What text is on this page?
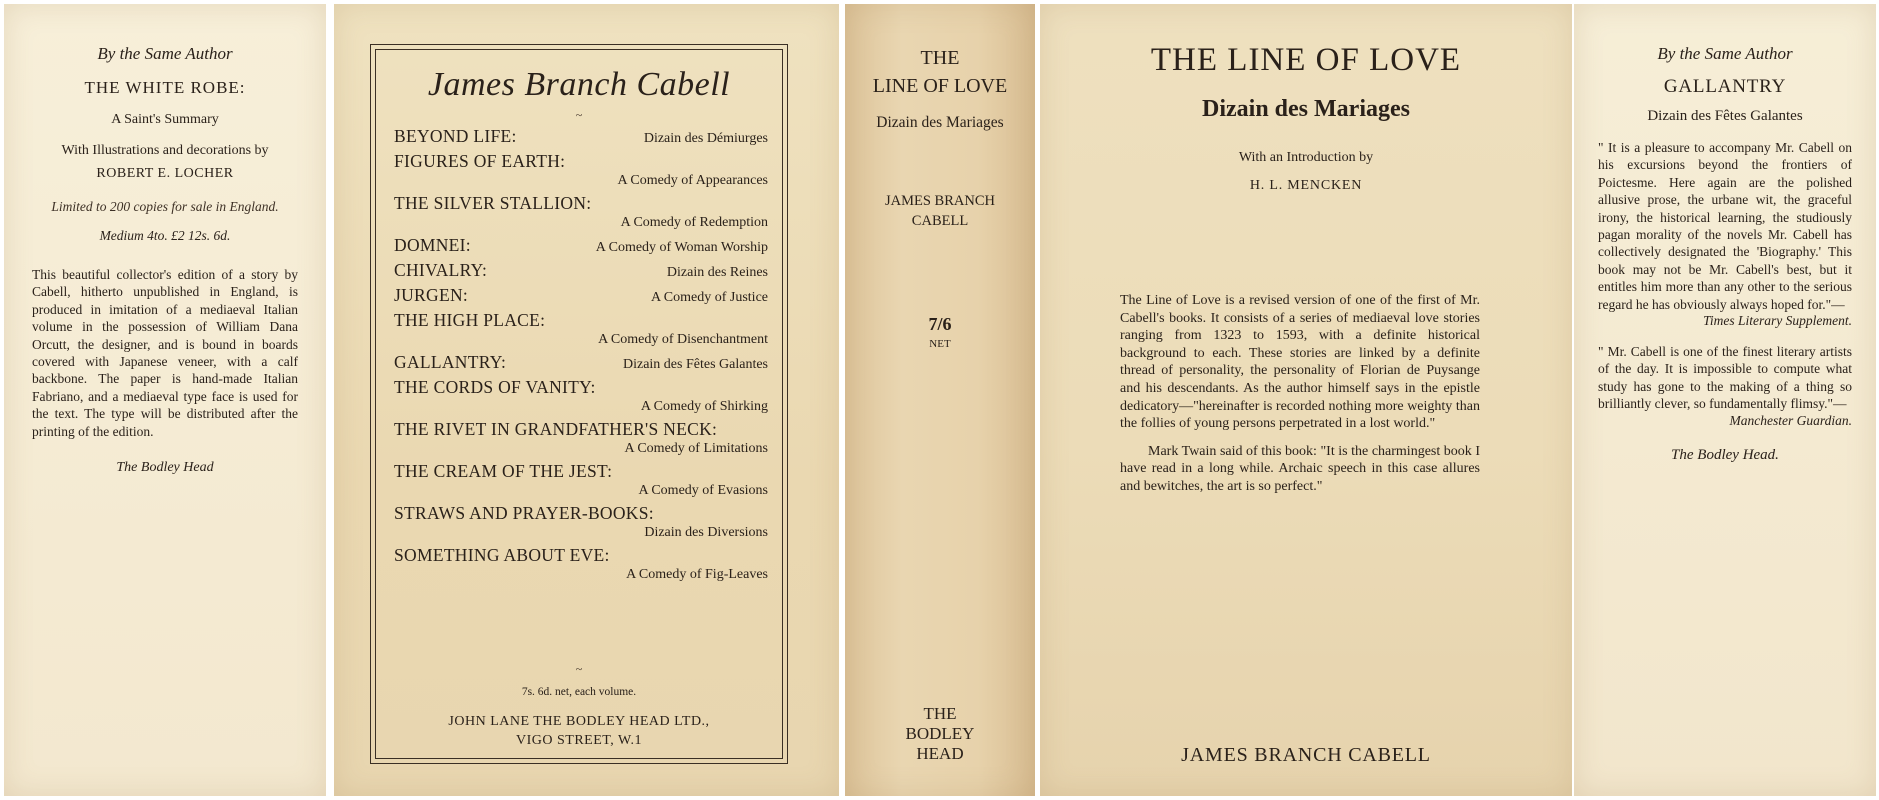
By the Same Author
THE WHITE ROBE:
A Saint's Summary
With Illustrations and decorations by
ROBERT E. LOCHER
Limited to 200 copies for sale in England.
Medium 4to. £2 12s. 6d.
This beautiful collector's edition of a story by Cabell, hitherto unpublished in England, is produced in imitation of a mediaeval Italian volume in the possession of William Dana Orcutt, the designer, and is bound in boards covered with Japanese veneer, with a calf backbone. The paper is hand-made Italian Fabriano, and a mediaeval type face is used for the text. The type will be distributed after the printing of the edition.
The Bodley Head
James Branch Cabell
~
BEYOND LIFE:	Dizain des Démiurges
FIGURES OF EARTH:
A Comedy of Appearances
THE SILVER STALLION:
A Comedy of Redemption
DOMNEI:	A Comedy of Woman Worship
CHIVALRY:	Dizain des Reines
JURGEN:	A Comedy of Justice
THE HIGH PLACE:
A Comedy of Disenchantment
GALLANTRY:	Dizain des Fêtes Galantes
THE CORDS OF VANITY:
A Comedy of Shirking
THE RIVET IN GRANDFATHER'S NECK:
A Comedy of Limitations
THE CREAM OF THE JEST:
A Comedy of Evasions
STRAWS AND PRAYER-BOOKS:
Dizain des Diversions
SOMETHING ABOUT EVE:
A Comedy of Fig-Leaves
~
7s. 6d. net, each volume.
JOHN LANE THE BODLEY HEAD LTD.,
VIGO STREET, W.1
THE
LINE OF LOVE
Dizain des Mariages
JAMES BRANCH
CABELL
7/6
NET
THE
BODLEY
HEAD
THE LINE OF LOVE
Dizain des Mariages
With an Introduction by
H. L. MENCKEN

The Line of Love is a revised version of one of the first of Mr. Cabell's books. It consists of a series of mediaeval love stories ranging from 1323 to 1593, with a definite historical background to each. These stories are linked by a definite thread of personality, the personality of Florian de Puysange and his descendants. As the author himself says in the epistle dedicatory—"hereinafter is recorded nothing more weighty than the follies of young persons perpetrated in a lost world."

Mark Twain said of this book: "It is the charmingest book I have read in a long while. Archaic speech in this case allures and bewitches, the art is so perfect."

JAMES BRANCH CABELL
By the Same Author
GALLANTRY
Dizain des Fêtes Galantes
" It is a pleasure to accompany Mr. Cabell on his excursions beyond the frontiers of Poictesme. Here again are the polished allusive prose, the urbane wit, the graceful irony, the historical learning, the studiously pagan morality of the novels Mr. Cabell has collectively designated the 'Biography.' This book may not be Mr. Cabell's best, but it entitles him more than any other to the serious regard he has obviously always hoped for."—
Times Literary Supplement.
" Mr. Cabell is one of the finest literary artists of the day. It is impossible to compute what study has gone to the making of a thing so brilliantly clever, so fundamentally flimsy."—
Manchester Guardian.
The Bodley Head.
